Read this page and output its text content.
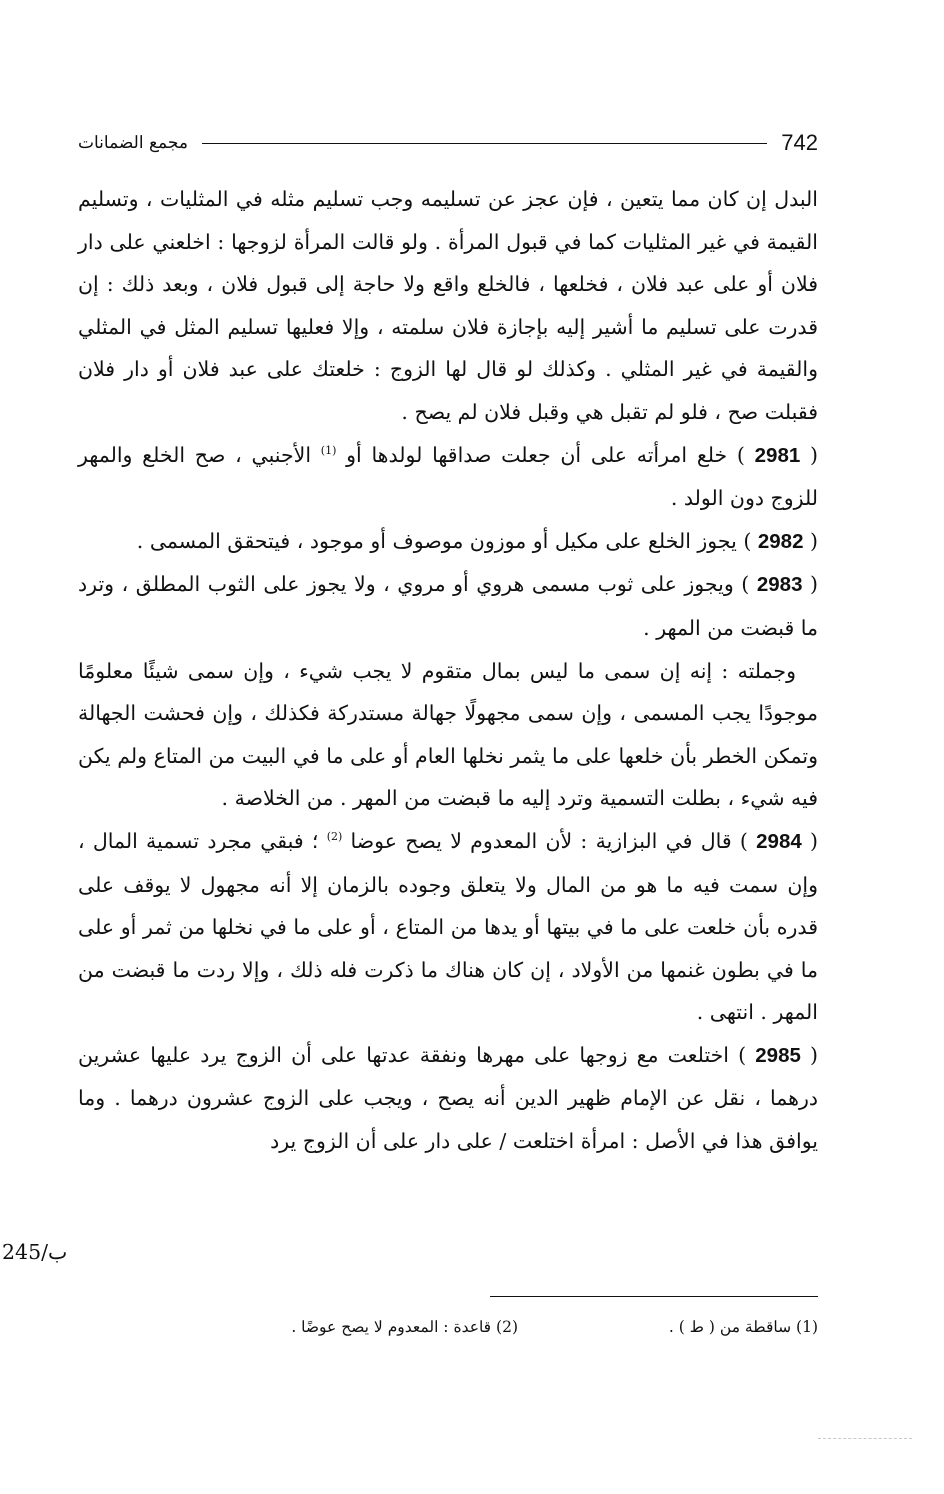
742
مجمع الضمانات

البدل إن كان مما يتعين ، فإن عجز عن تسليمه وجب تسليم مثله في المثليات ، وتسليم القيمة في غير المثليات كما في قبول المرأة . ولو قالت المرأة لزوجها : اخلعني على دار فلان أو على عبد فلان ، فخلعها ، فالخلع واقع ولا حاجة إلى قبول فلان ، وبعد ذلك : إن قدرت على تسليم ما أشير إليه بإجازة فلان سلمته ، وإلا فعليها تسليم المثل في المثلي والقيمة في غير المثلي . وكذلك لو قال لها الزوج : خلعتك على عبد فلان أو دار فلان فقبلت صح ، فلو لم تقبل هي وقبل فلان لم يصح .

( 2981 ) خلع امرأته على أن جعلت صداقها لولدها أو $^{(1)}$ الأجنبي ، صح الخلع والمهر للزوج دون الولد .

( 2982 ) يجوز الخلع على مكيل أو موزون موصوف أو موجود ، فيتحقق المسمى .

( 2983 ) ويجوز على ثوب مسمى هروي أو مروي ، ولا يجوز على الثوب المطلق ، وترد ما قبضت من المهر .

وجملته : إنه إن سمى ما ليس بمال متقوم لا يجب شيء ، وإن سمى شيئًا معلومًا موجودًا يجب المسمى ، وإن سمى مجهولًا جهالة مستدركة فكذلك ، وإن فحشت الجهالة وتمكن الخطر بأن خلعها على ما يثمر نخلها العام أو على ما في البيت من المتاع ولم يكن فيه شيء ، بطلت التسمية وترد إليه ما قبضت من المهر . من الخلاصة .

( 2984 ) قال في البزازية : لأن المعدوم لا يصح عوضا $^{(2)}$ ؛ فبقي مجرد تسمية المال ، وإن سمت فيه ما هو من المال ولا يتعلق وجوده بالزمان إلا أنه مجهول لا يوقف على قدره بأن خلعت على ما في بيتها أو يدها من المتاع ، أو على ما في نخلها من ثمر أو على ما في بطون غنمها من الأولاد ، إن كان هناك ما ذكرت فله ذلك ، وإلا ردت ما قبضت من المهر . انتهى .

( 2985 ) اختلعت مع زوجها على مهرها ونفقة عدتها على أن الزوج يرد عليها عشرين درهما ، نقل عن الإمام ظهير الدين أنه يصح ، ويجب على الزوج عشرون درهما . وما يوافق هذا في الأصل : امرأة اختلعت / على دار على أن الزوج يرد

245/ب
(1) ساقطة من ( ط ) .
(2) قاعدة : المعدوم لا يصح عوضًا .
